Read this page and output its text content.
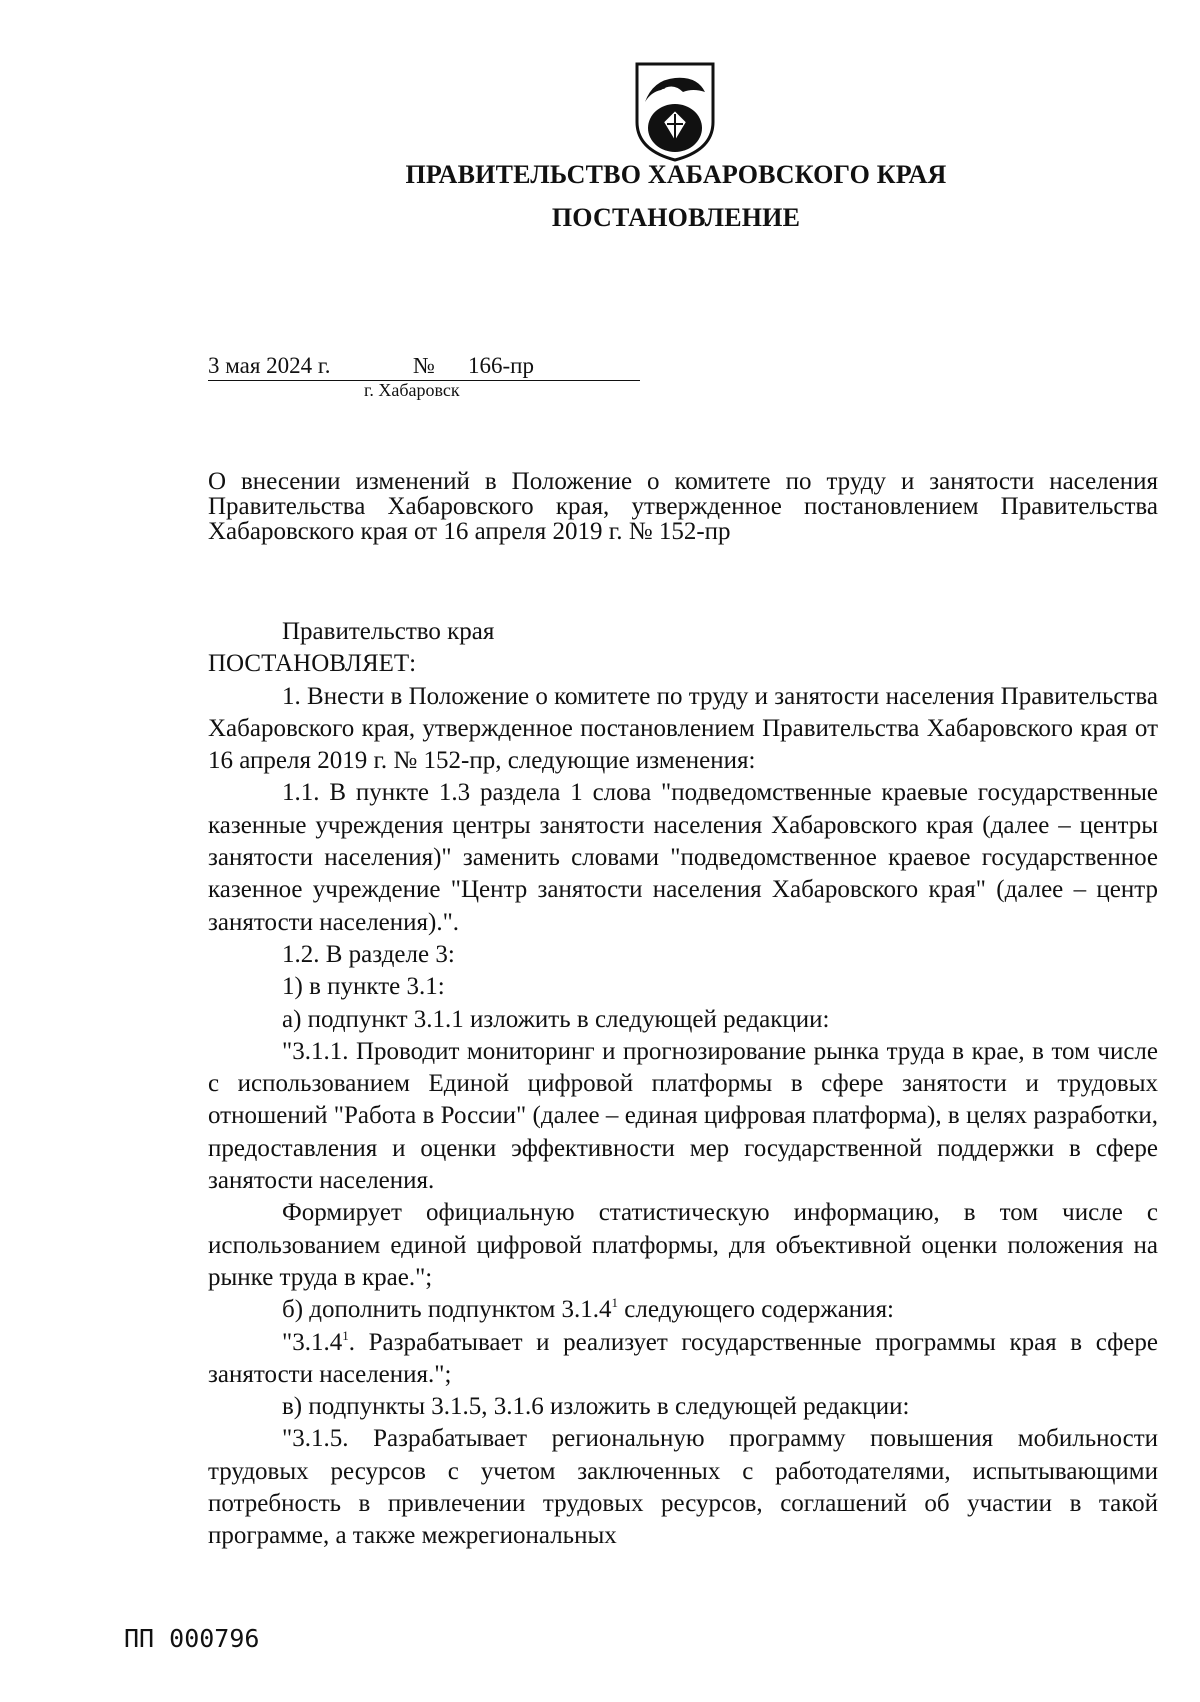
ПРАВИТЕЛЬСТВО ХАБАРОВСКОГО КРАЯ
ПОСТАНОВЛЕНИЕ
3 мая 2024 г.	№ 166-пр
г. Хабаровск
О внесении изменений в Положение о комитете по труду и занятости населения Правительства Хабаровского края, утвержденное постановлением Правительства Хабаровского края от 16 апреля 2019 г. № 152-пр

Правительство края

ПОСТАНОВЛЯЕТ:

1. Внести в Положение о комитете по труду и занятости населения Правительства Хабаровского края, утвержденное постановлением Правительства Хабаровского края от 16 апреля 2019 г. № 152-пр, следующие изменения:

1.1. В пункте 1.3 раздела 1 слова "подведомственные краевые государственные казенные учреждения центры занятости населения Хабаровского края (далее – центры занятости населения)" заменить словами "подведомственное краевое государственное казенное учреждение "Центр занятости населения Хабаровского края" (далее – центр занятости населения).".

1.2. В разделе 3:

1) в пункте 3.1:

а) подпункт 3.1.1 изложить в следующей редакции:

"3.1.1. Проводит мониторинг и прогнозирование рынка труда в крае, в том числе с использованием Единой цифровой платформы в сфере занятости и трудовых отношений "Работа в России" (далее – единая цифровая платформа), в целях разработки, предоставления и оценки эффективности мер государственной поддержки в сфере занятости населения.

Формирует официальную статистическую информацию, в том числе с использованием единой цифровой платформы, для объективной оценки положения на рынке труда в крае.";

б) дополнить подпунктом 3.1.4$^1$ следующего содержания:

"3.1.4$^1$. Разрабатывает и реализует государственные программы края в сфере занятости населения.";

в) подпункты 3.1.5, 3.1.6 изложить в следующей редакции:

"3.1.5. Разрабатывает региональную программу повышения мобильности трудовых ресурсов с учетом заключенных с работодателями, испытывающими потребность в привлечении трудовых ресурсов, соглашений об участии в такой программе, а также межрегиональных

ПП 000796
